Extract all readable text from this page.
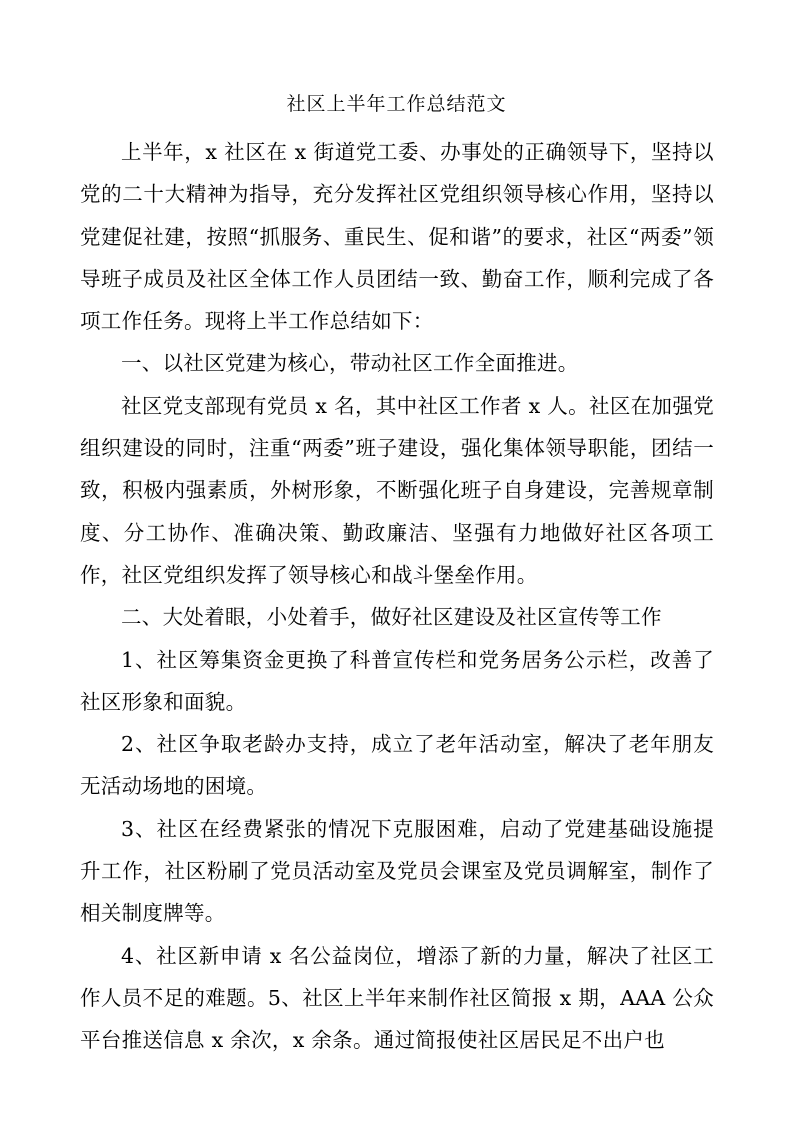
社区上半年工作总结范文

上半年，x 社区在 x 街道党工委、办事处的正确领导下，坚持以党的二十大精神为指导，充分发挥社区党组织领导核心作用，坚持以党建促社建，按照“抓服务、重民生、促和谐”的要求，社区“两委”领导班子成员及社区全体工作人员团结一致、勤奋工作，顺利完成了各项工作任务。现将上半工作总结如下：

一、以社区党建为核心，带动社区工作全面推进。

社区党支部现有党员 x 名，其中社区工作者 x 人。社区在加强党组织建设的同时，注重“两委”班子建设，强化集体领导职能，团结一致，积极内强素质，外树形象，不断强化班子自身建设，完善规章制度、分工协作、准确决策、勤政廉洁、坚强有力地做好社区各项工作，社区党组织发挥了领导核心和战斗堡垒作用。

二、大处着眼，小处着手，做好社区建设及社区宣传等工作

1、社区筹集资金更换了科普宣传栏和党务居务公示栏，改善了社区形象和面貌。

2、社区争取老龄办支持，成立了老年活动室，解决了老年朋友无活动场地的困境。

3、社区在经费紧张的情况下克服困难，启动了党建基础设施提升工作，社区粉刷了党员活动室及党员会课室及党员调解室，制作了相关制度牌等。

4、社区新申请 x 名公益岗位，增添了新的力量，解决了社区工作人员不足的难题。5、社区上半年来制作社区简报 x 期，AAA 公众平台推送信息 x 余次，x 余条。通过简报使社区居民足不出户也
